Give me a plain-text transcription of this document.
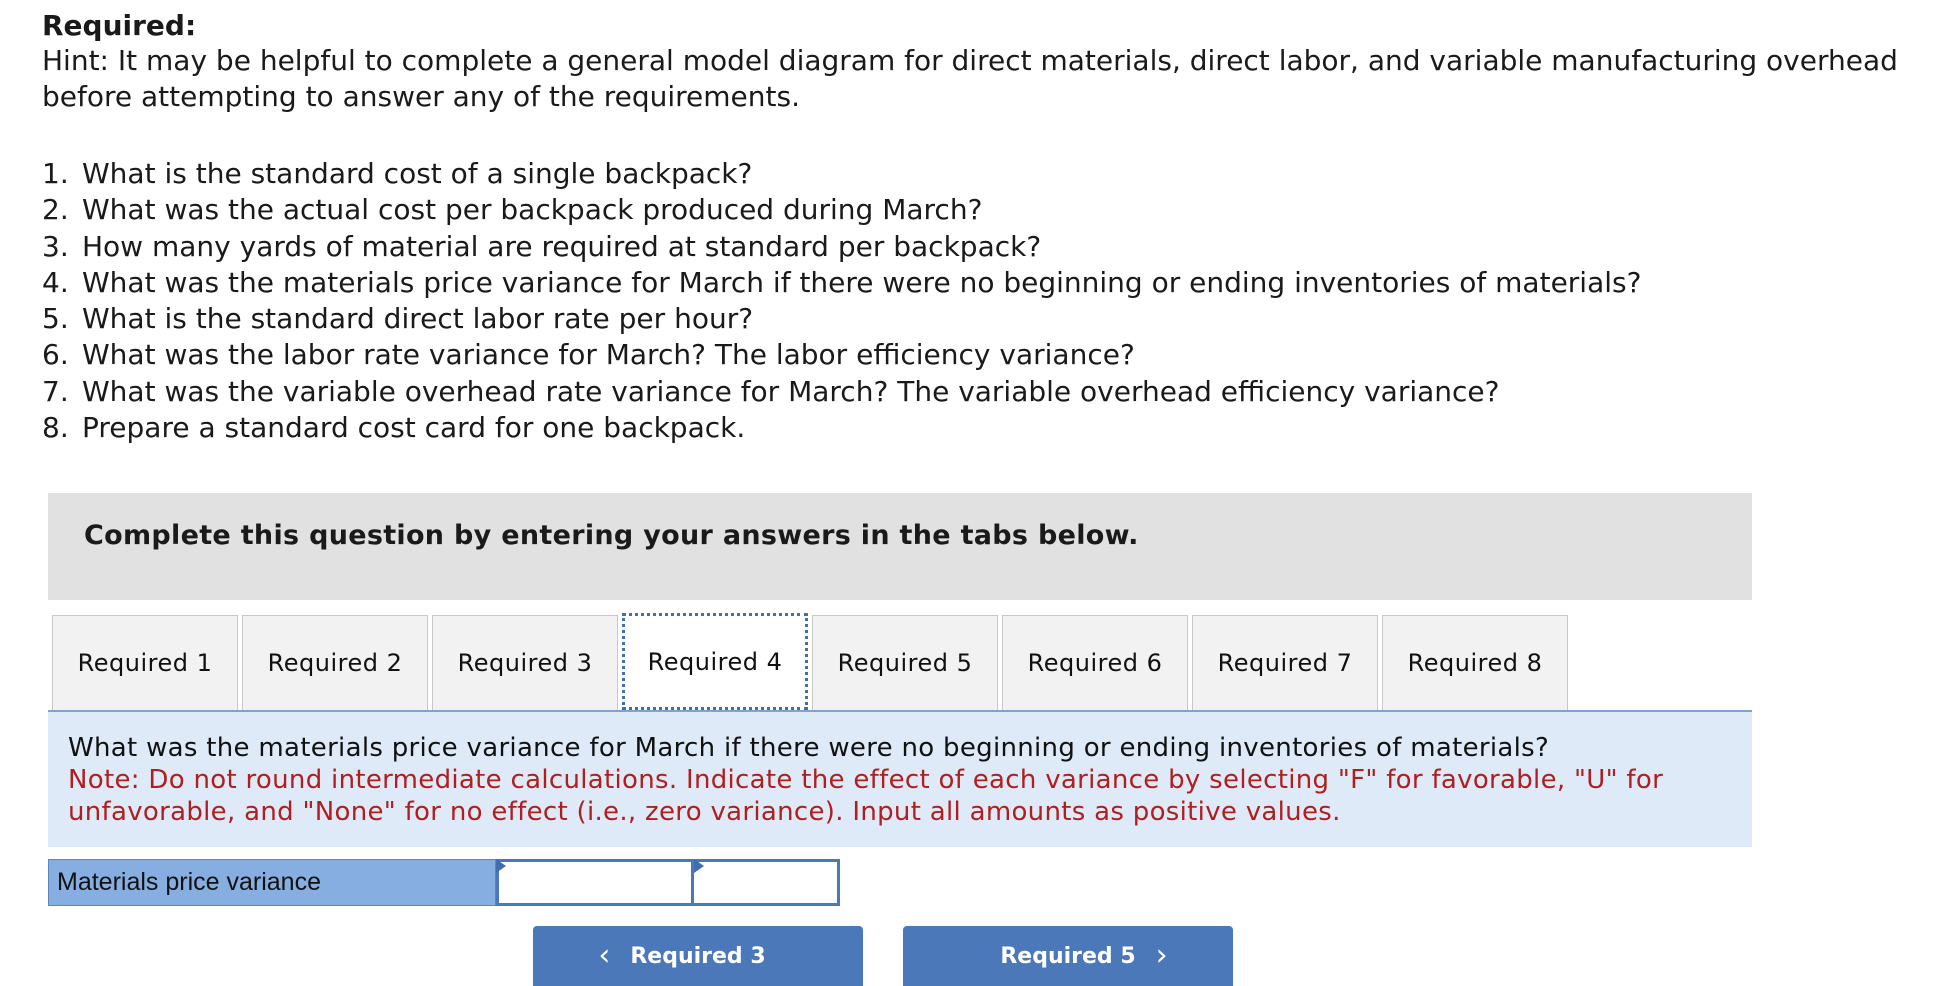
Required:
Hint: It may be helpful to complete a general model diagram for direct materials, direct labor, and variable manufacturing overhead before attempting to answer any of the requirements.
1. What is the standard cost of a single backpack?
2. What was the actual cost per backpack produced during March?
3. How many yards of material are required at standard per backpack?
4. What was the materials price variance for March if there were no beginning or ending inventories of materials?
5. What is the standard direct labor rate per hour?
6. What was the labor rate variance for March? The labor efficiency variance?
7. What was the variable overhead rate variance for March? The variable overhead efficiency variance?
8. Prepare a standard cost card for one backpack.
Complete this question by entering your answers in the tabs below.
Required 1	Required 2	Required 3	Required 4	Required 5	Required 6	Required 7	Required 8
What was the materials price variance for March if there were no beginning or ending inventories of materials?
Note: Do not round intermediate calculations. Indicate the effect of each variance by selecting "F" for favorable, "U" for unfavorable, and "None" for no effect (i.e., zero variance). Input all amounts as positive values.
Materials price variance
‹ Required 3	Required 5 ›
